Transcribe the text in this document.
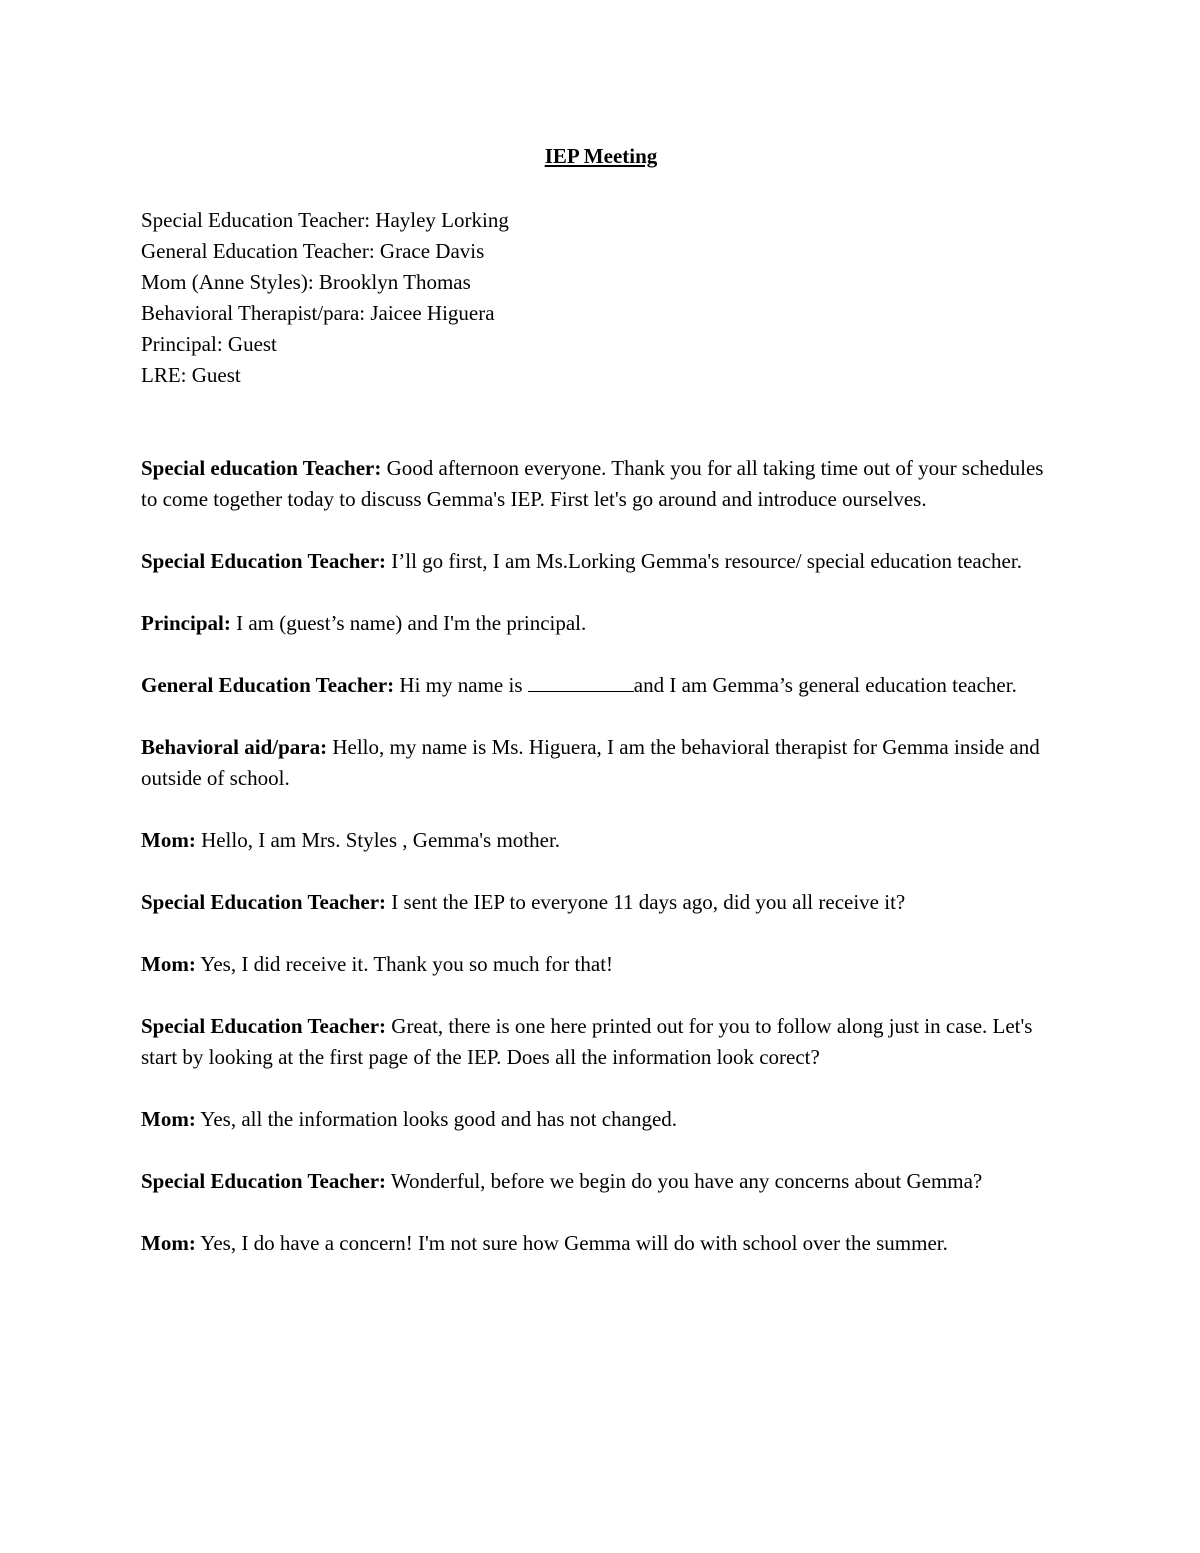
IEP Meeting
Special Education Teacher: Hayley Lorking
General Education Teacher: Grace Davis
Mom (Anne Styles): Brooklyn Thomas
Behavioral Therapist/para: Jaicee Higuera
Principal: Guest
LRE: Guest

Special education Teacher: Good afternoon everyone. Thank you for all taking time out of your schedules to come together today to discuss Gemma's IEP. First let's go around and introduce ourselves.

Special Education Teacher: I’ll go first, I am Ms.Lorking Gemma's resource/ special education teacher.

Principal: I am (guest’s name) and I'm the principal.

General Education Teacher: Hi my name is	and I am Gemma’s general education teacher.

Behavioral aid/para: Hello, my name is Ms. Higuera, I am the behavioral therapist for Gemma inside and outside of school.

Mom: Hello, I am Mrs. Styles , Gemma's mother.

Special Education Teacher: I sent the IEP to everyone 11 days ago, did you all receive it?

Mom: Yes, I did receive it. Thank you so much for that!

Special Education Teacher: Great, there is one here printed out for you to follow along just in case. Let's start by looking at the first page of the IEP. Does all the information look corect?

Mom: Yes, all the information looks good and has not changed.

Special Education Teacher: Wonderful, before we begin do you have any concerns about Gemma?

Mom: Yes, I do have a concern! I'm not sure how Gemma will do with school over the summer.
